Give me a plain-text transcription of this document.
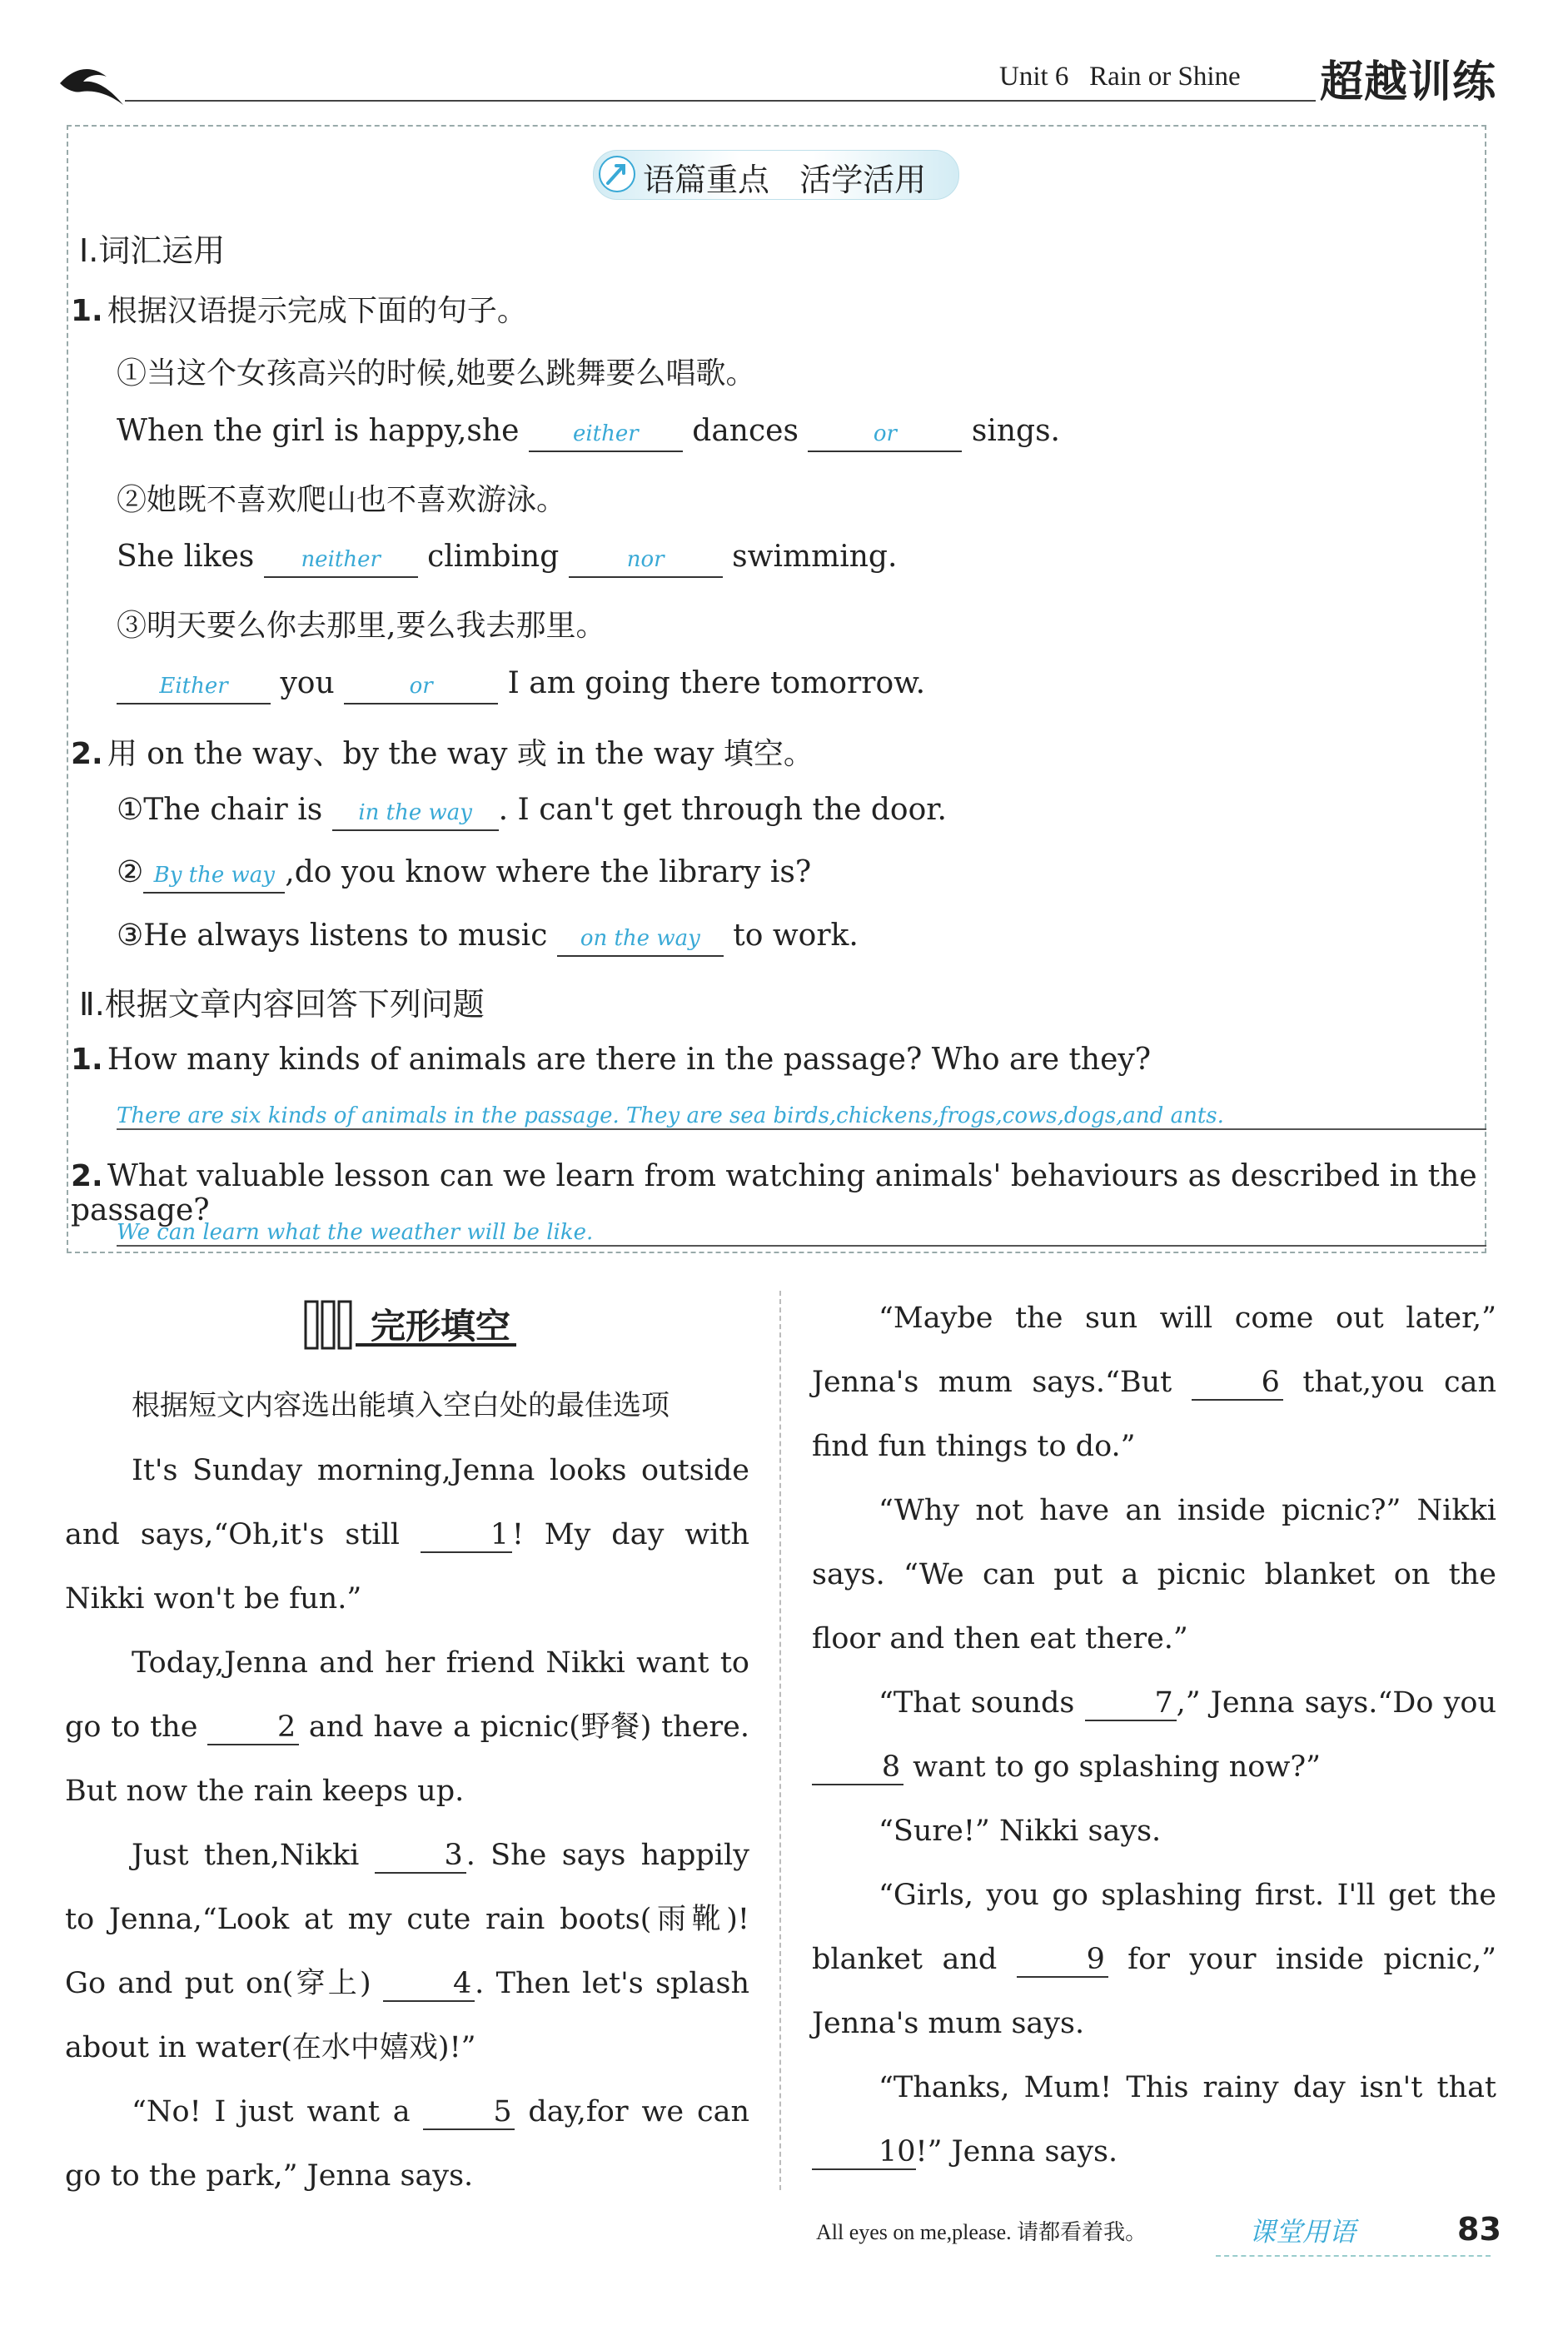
Unit 6   Rain or Shine 超越训练
语篇重点   活学活用
Ⅰ.词汇运用
1. 根据汉语提示完成下面的句子。
①当这个女孩高兴的时候,她要么跳舞要么唱歌。
When the girl is happy,she either dances	or sings.
②她既不喜欢爬山也不喜欢游泳。
She likes neither climbing	nor swimming.
③明天要么你去那里,要么我去那里。
Either you	or I am going there tomorrow.
2. 用 on the way、by the way 或 in the way 填空。
①The chair is in the way . I can't get through the door.
② By the way ,do you know where the library is?
③He always listens to music on the way to work.
Ⅱ.根据文章内容回答下列问题
1. How many kinds of animals are there in the passage? Who are they?
There are six kinds of animals in the passage. They are sea birds,chickens,frogs,cows,dogs,and ants.
2. What valuable lesson can we learn from watching animals' behaviours as described in the passage?
We can learn what the weather will be like.
完形填空
根据短文内容选出能填入空白处的最佳选项
It's Sunday morning,Jenna looks outside and says,“Oh,it's still 1 ! My day with Nikki won't be fun.”
Today,Jenna and her friend Nikki want to go to the 2 and have a picnic(野餐) there. But now the rain keeps up.
Just then,Nikki 3 . She says happily to Jenna,“Look at my cute rain boots(雨靴)! Go and put on(穿上) 4 . Then let's splash about in water(在水中嬉戏)!”
“No! I just want a 5 day,for we can go to the park,” Jenna says.
“Maybe the sun will come out later,” Jenna's mum says.“But 6 that,you can find fun things to do.”
“Why not have an inside picnic?” Nikki says. “We can put a picnic blanket on the floor and then eat there.”
“That sounds 7 ,” Jenna says.“Do you 8 want to go splashing now?”
“Sure!” Nikki says.
“Girls, you go splashing first. I'll get the blanket and 9 for your inside picnic,” Jenna's mum says.
“Thanks, Mum! This rainy day isn't that 10!” Jenna says.
All eyes on me,please. 请都看着我。	课堂用语	83
